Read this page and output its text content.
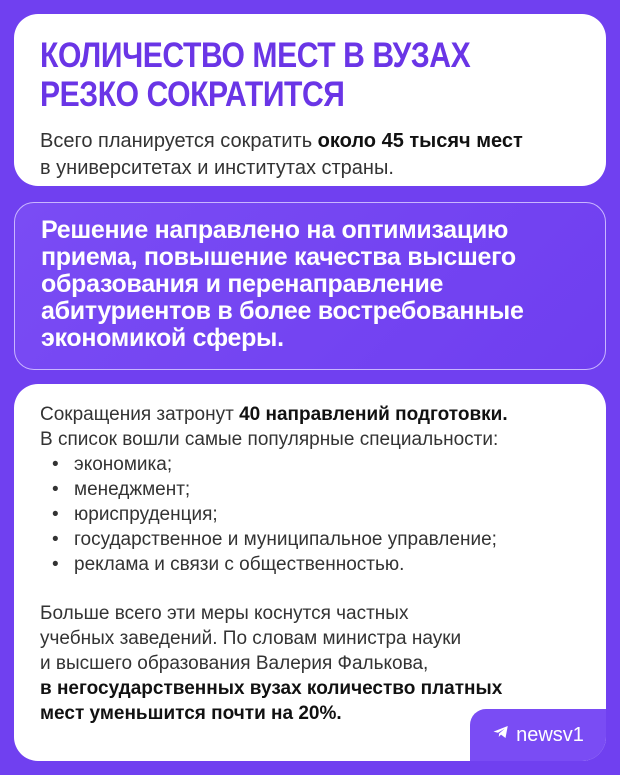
КОЛИЧЕСТВО МЕСТ В ВУЗАХ
РЕЗКО СОКРАТИТСЯ
Всего планируется сократить около 45 тысяч мест
в университетах и институтах страны.
Решение направлено на оптимизацию
приема, повышение качества высшего
образования и перенаправление
абитуриентов в более востребованные
экономикой сферы.
Сокращения затронут 40 направлений подготовки.
В список вошли самые популярные специальности:
• экономика;
• менеджмент;
• юриспруденция;
• государственное и муниципальное управление;
• реклама и связи с общественностью.
Больше всего эти меры коснутся частных
учебных заведений. По словам министра науки
и высшего образования Валерия Фалькова,
в негосударственных вузах количество платных
мест уменьшится почти на 20%.
newsv1
